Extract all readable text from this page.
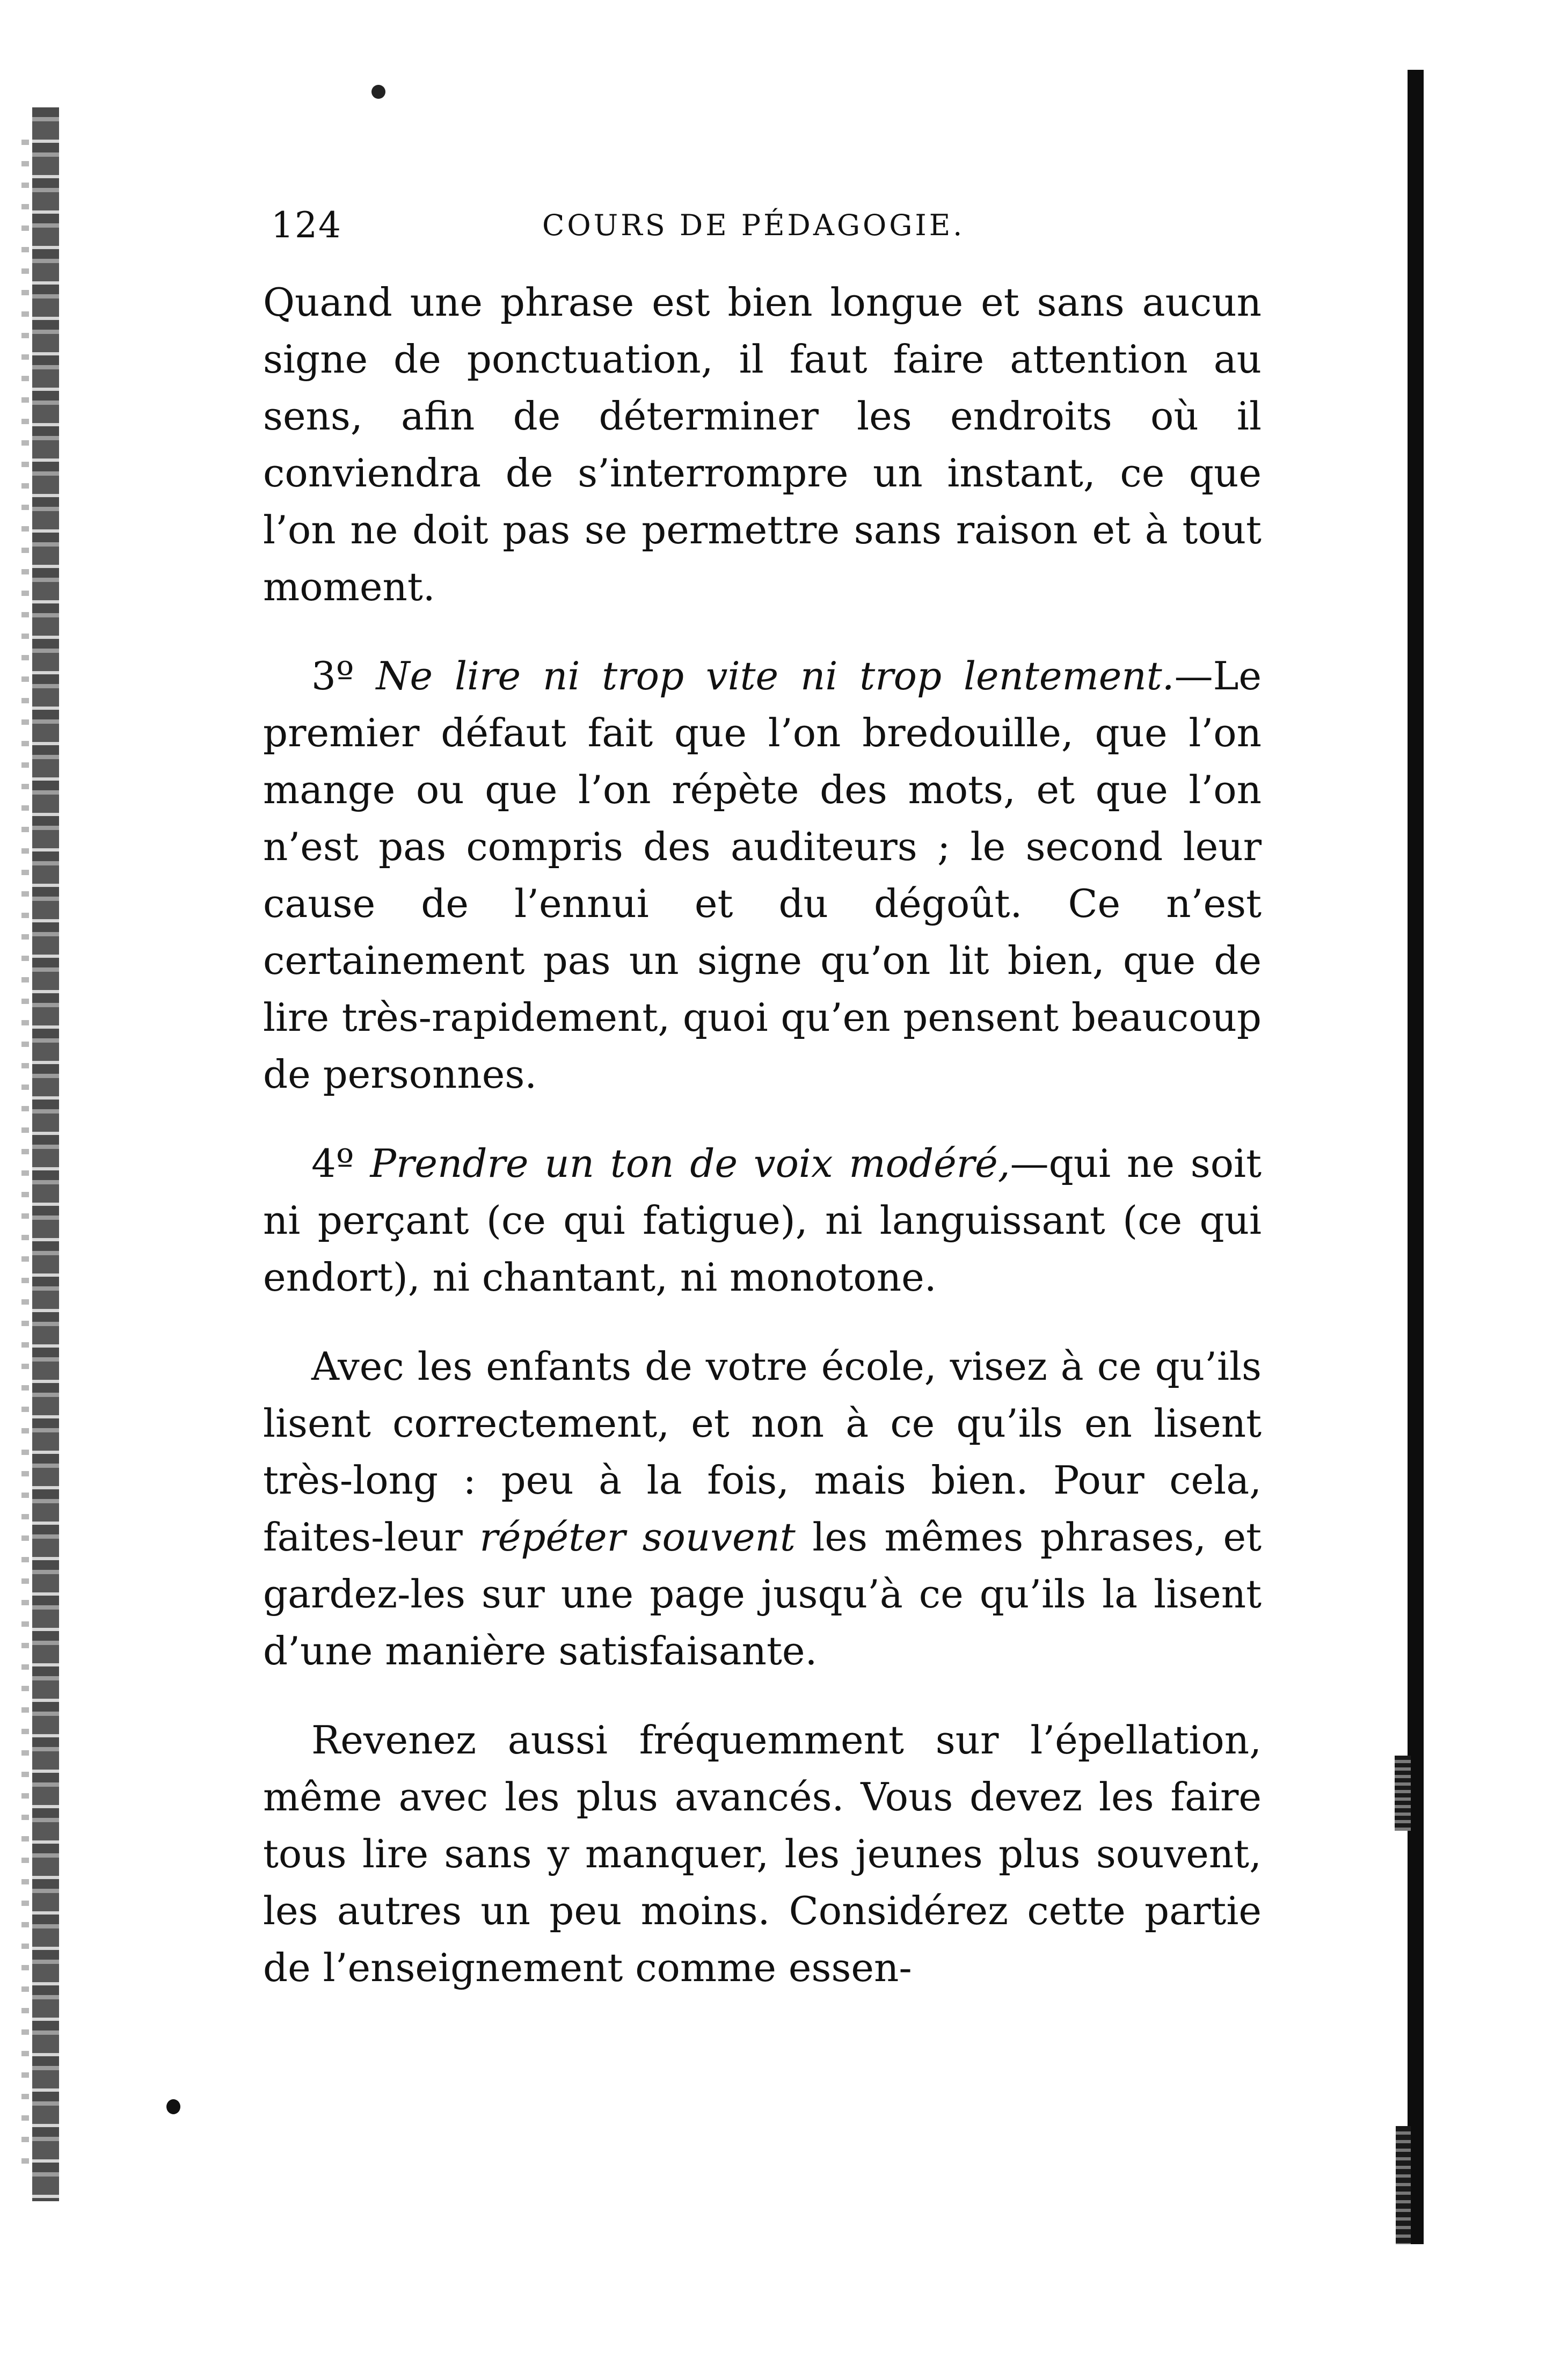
124	COURS DE PÉDAGOGIE.

Quand une phrase est bien longue et sans aucun signe de ponctuation, il faut faire attention au sens, afin de déterminer les endroits où il conviendra de s’interrompre un instant, ce que l’on ne doit pas se permettre sans raison et à tout moment.

3º Ne lire ni trop vite ni trop lentement.—Le premier défaut fait que l’on bredouille, que l’on mange ou que l’on répète des mots, et que l’on n’est pas compris des auditeurs ; le second leur cause de l’ennui et du dégoût. Ce n’est certainement pas un signe qu’on lit bien, que de lire très-rapidement, quoi qu’en pensent beaucoup de personnes.

4º Prendre un ton de voix modéré,—qui ne soit ni perçant (ce qui fatigue), ni languissant (ce qui endort), ni chantant, ni monotone.

Avec les enfants de votre école, visez à ce qu’ils lisent correctement, et non à ce qu’ils en lisent très-long : peu à la fois, mais bien. Pour cela, faites-leur répéter souvent les mêmes phrases, et gardez-les sur une page jusqu’à ce qu’ils la lisent d’une manière satisfaisante.

Revenez aussi fréquemment sur l’épellation, même avec les plus avancés. Vous devez les faire tous lire sans y manquer, les jeunes plus souvent, les autres un peu moins. Considérez cette partie de l’enseignement comme essen-
